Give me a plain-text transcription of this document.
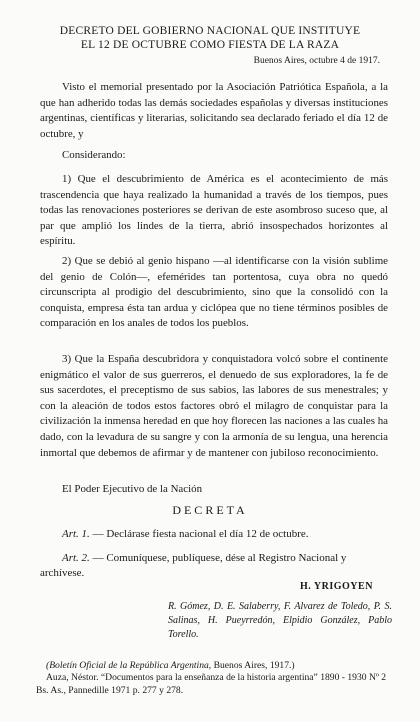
DECRETO DEL GOBIERNO NACIONAL QUE INSTITUYE
EL 12 DE OCTUBRE COMO FIESTA DE LA RAZA
Buenos Aires, octubre 4 de 1917.

Visto el memorial presentado por la Asociación Patriótica Española, a la que han adherido todas las demás sociedades españolas y diversas instituciones argentinas, científicas y literarias, solicitando sea declarado feriado el día 12 de octubre, y

Considerando:

1) Que el descubrimiento de América es el acontecimiento de más trascendencia que haya realizado la humanidad a través de los tiempos, pues todas las renovaciones posteriores se derivan de este asombroso suceso que, al par que amplió los lindes de la tierra, abrió insospechados horizontes al espíritu.

2) Que se debió al genio hispano —al identificarse con la visión sublime del genio de Colón—, efemérides tan portentosa, cuya obra no quedó circunscripta al prodigio del descubrimiento, sino que la consolidó con la conquista, empresa ésta tan ardua y ciclópea que no tiene términos posibles de comparación en los anales de todos los pueblos.

3) Que la España descubridora y conquistadora volcó sobre el continente enigmático el valor de sus guerreros, el denuedo de sus exploradores, la fe de sus sacerdotes, el preceptismo de sus sabios, las labores de sus menestrales; y con la aleación de todos estos factores obró el milagro de conquistar para la civilización la inmensa heredad en que hoy florecen las naciones a las cuales ha dado, con la levadura de su sangre y con la armonía de su lengua, una herencia inmortal que debemos de afirmar y de mantener con jubiloso reconocimiento.

El Poder Ejecutivo de la Nación

DECRETA
Art. 1. — Declárase fiesta nacional el día 12 de octubre.
Art. 2. — Comuníquese, publíquese, dése al Registro Nacional y archívese.
H. YRIGOYEN
R. Gómez, D. E. Salaberry, F. Alvarez de Toledo, P. S. Salinas, H. Pueyrredón, Elpidio González, Pablo Torello.
(Boletín Oficial de la República Argentina, Buenos Aires, 1917.)
Auza, Néstor. “Documentos para la enseñanza de la historia argentina” 1890 - 1930 Nº 2 Bs. As., Pannedille 1971 p. 277 y 278.
